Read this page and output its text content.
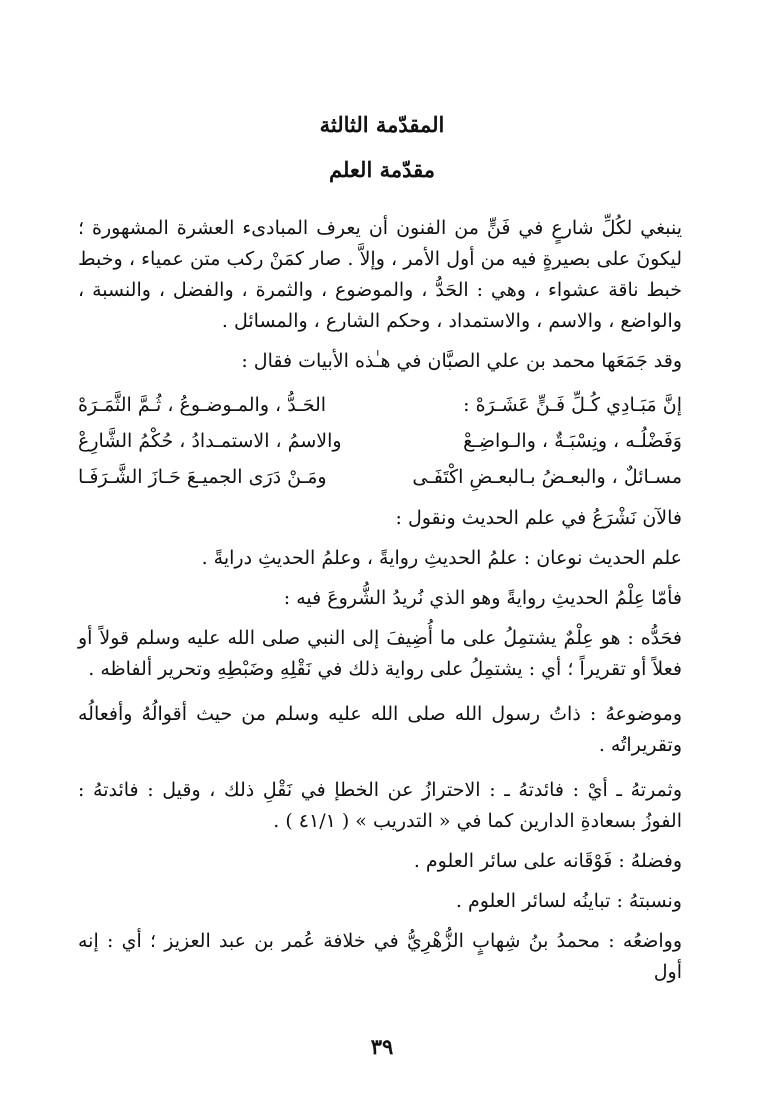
المقدّمة الثالثة
مقدّمة العلم

ينبغي لكُلِّ شارعٍ في فَنٍّ من الفنون أن يعرف المبادىء العشرة المشهورة ؛ ليكونَ على بصيرةٍ فيه من أول الأمر ، وإلاَّ . صار كمَنْ ركب متن عمياء ، وخبط خبط ناقة عشواء ، وهي : الحَدُّ ، والموضوع ، والثمرة ، والفضل ، والنسبة ، والواضع ، والاسم ، والاستمداد ، وحكم الشارع ، والمسائل .

وقد جَمَعَها محمد بن علي الصبَّان في هـٰذه الأبيات فقال :

إنَّ مَبَـادِي كُـلِّ فَـنٍّ عَشَـرَهْ :
الحَـدُّ ، والمـوضـوعُ ، ثُـمَّ الثَّمَـرَهْ
وَفَضْلُـه ، ونِسْبَـةٌ ، والـواضِـعْ
والاسمُ ، الاستمـدادُ ، حُكْمُ الشَّارِعْ
مسـائلٌ ، والبعـضُ بـالبعـضِ اكْتَفَـى
ومَـنْ دَرَى الجميـعَ حَـازَ الشَّـرَفَـا

فالآن نَشْرَعُ في علم الحديث ونقول :

علم الحديث نوعان : علمُ الحديثِ روايةً ، وعلمُ الحديثِ درايةً .

فأمّا عِلْمُ الحديثِ روايةً وهو الذي نُريدُ الشُّروعَ فيه :

فحَدُّه : هو عِلْمٌ يشتمِلُ على ما أُضِيفَ إلى النبي صلى الله عليه وسلم قولاً أو فعلاً أو تقريراً ؛ أي : يشتمِلُ على رواية ذلك في نَقْلِهِ وضَبْطِهِ وتحرير ألفاظه .

وموضوعهُ : ذاتُ رسول الله صلى الله عليه وسلم من حيث أقوالُهُ وأفعالُه وتقريراتُه .

وثمرتهُ ـ أيْ : فائدتهُ ـ : الاحترازُ عن الخطإ في نَقْلِ ذلك ، وقيل : فائدتهُ : الفوزُ بسعادةِ الدارين كما في « التدريب » ( ٤١/١ ) .

وفضلهُ : فَوْقَانه على سائر العلوم .

ونسبتهُ : تباينُه لسائر العلوم .

وواضعُه : محمدُ بنُ شِهابٍ الزُّهْرِيُّ في خلافة عُمر بن عبد العزيز ؛ أي : إنه أول

٣٩
